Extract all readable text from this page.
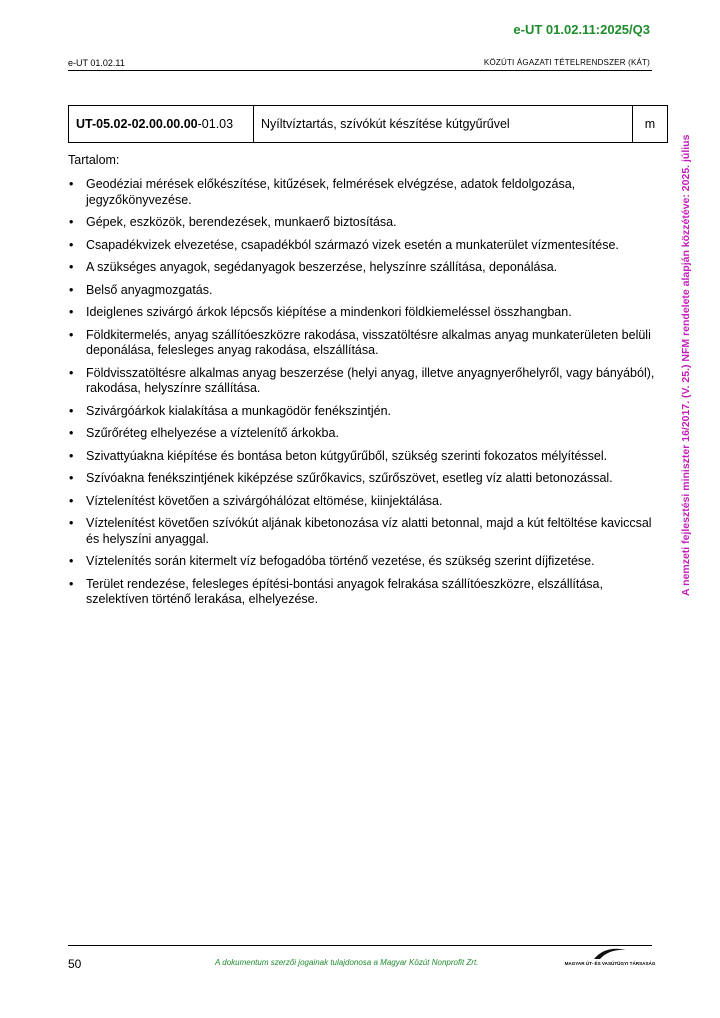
e-UT 01.02.11:2025/Q3
e-UT 01.02.11	KÖZÚTI ÁGAZATI TÉTELRENDSZER (KÁT)
A nemzeti fejlesztési miniszter 16/2017. (V. 25.) NFM rendelete alapján közzétéve: 2025. július
UT-05.02-02.00.00.00-01.03	Nyíltvíztartás, szívókút készítése kútgyűrűvel	m
Tartalom:
• Geodéziai mérések előkészítése, kitűzések, felmérések elvégzése, adatok feldolgozása, jegyzőkönyvezése.
• Gépek, eszközök, berendezések, munkaerő biztosítása.
• Csapadékvizek elvezetése, csapadékból származó vizek esetén a munkaterület vízmentesítése.
• A szükséges anyagok, segédanyagok beszerzése, helyszínre szállítása, deponálása.
• Belső anyagmozgatás.
• Ideiglenes szivárgó árkok lépcsős kiépítése a mindenkori földkiemeléssel összhangban.
• Földkitermelés, anyag szállítóeszközre rakodása, visszatöltésre alkalmas anyag munkaterületen belüli deponálása, felesleges anyag rakodása, elszállítása.
• Földvisszatöltésre alkalmas anyag beszerzése (helyi anyag, illetve anyagnyerőhelyről, vagy bányából), rakodása, helyszínre szállítása.
• Szivárgóárkok kialakítása a munkagödör fenékszintjén.
• Szűrőréteg elhelyezése a víztelenítő árkokba.
• Szivattyúakna kiépítése és bontása beton kútgyűrűből, szükség szerinti fokozatos mélyítéssel.
• Szívóakna fenékszintjének kiképzése szűrőkavics, szűrőszövet, esetleg víz alatti betonozással.
• Víztelenítést követően a szivárgóhálózat eltömése, kiinjektálása.
• Víztelenítést követően szívókút aljának kibetonozása víz alatti betonnal, majd a kút feltöltése kaviccsal és helyszíni anyaggal.
• Víztelenítés során kitermelt víz befogadóba történő vezetése, és szükség szerint díjfizetése.
• Terület rendezése, felesleges építési-bontási anyagok felrakása szállítóeszközre, elszállítása, szelektíven történő lerakása, elhelyezése.
50	A dokumentum szerzői jogainak tulajdonosa a Magyar Közút Nonprofit Zrt.	MAGYAR ÚT- ÉS VASÚTÜGYI TÁRSASÁG
